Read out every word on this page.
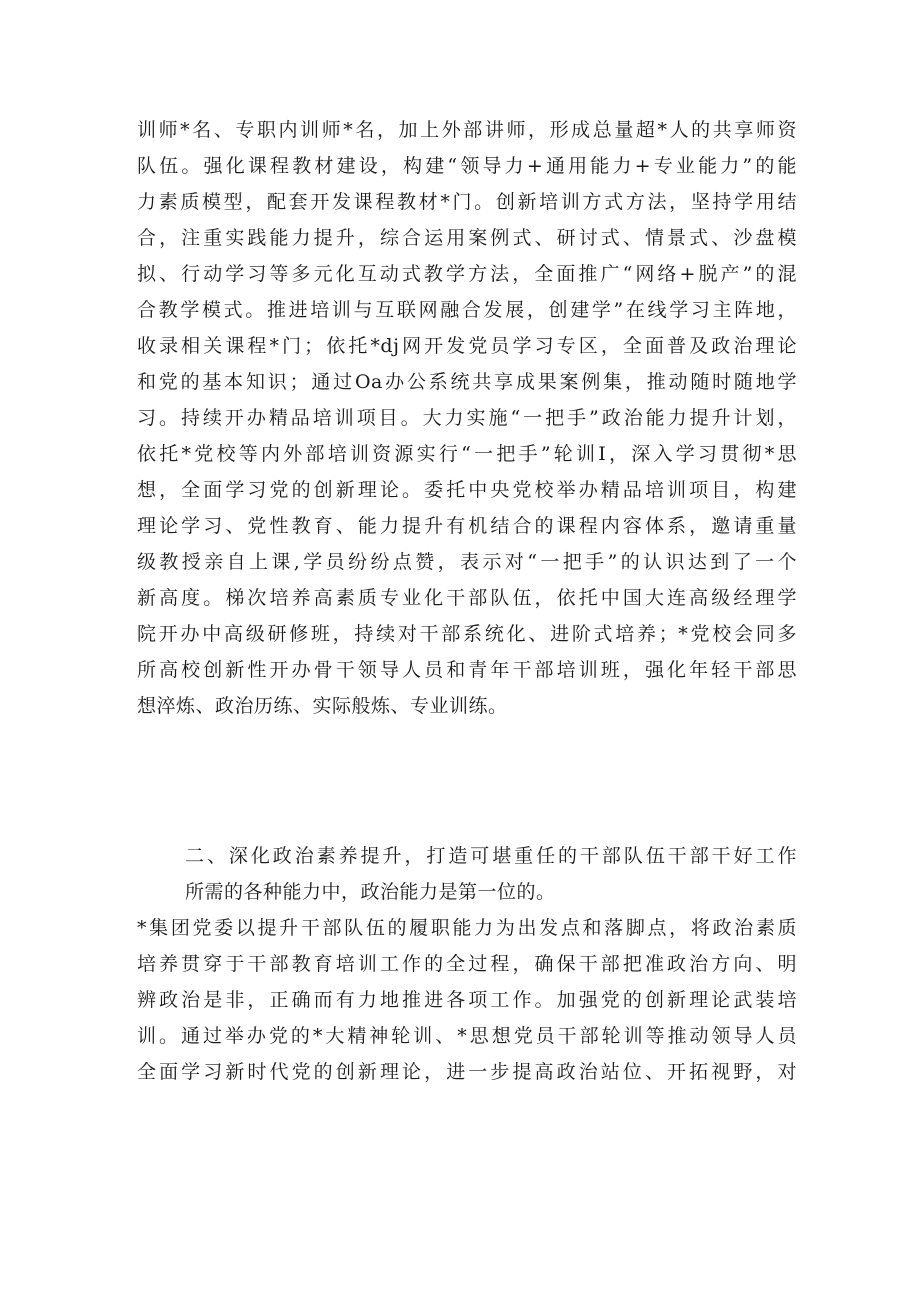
训师*名、专职内训师*名，加上外部讲师，形成总量超*人的共享师资
队伍。强化课程教材建设，构建“领导力+通用能力+专业能力”的能
力素质模型，配套开发课程教材*门。创新培训方式方法，坚持学用结
合，注重实践能力提升，综合运用案例式、研讨式、情景式、沙盘模
拟、行动学习等多元化互动式教学方法，全面推广“网络+脱产”的混
合教学模式。推进培训与互联网融合发展，创建学”在线学习主阵地，
收录相关课程*门；依托*dj网开发党员学习专区，全面普及政治理论
和党的基本知识；通过Oa办公系统共享成果案例集，推动随时随地学
习。持续开办精品培训项目。大力实施“一把手”政治能力提升计划，
依托*党校等内外部培训资源实行“一把手”轮训I，深入学习贯彻*思
想，全面学习党的创新理论。委托中央党校举办精品培训项目，构建
理论学习、党性教育、能力提升有机结合的课程内容体系，邀请重量
级教授亲自上课,学员纷纷点赞，表示对“一把手”的认识达到了一个
新高度。梯次培养高素质专业化干部队伍，依托中国大连高级经理学
院开办中高级研修班，持续对干部系统化、进阶式培养；*党校会同多
所高校创新性开办骨干领导人员和青年干部培训班，强化年轻干部思
想淬炼、政治历练、实际般炼、专业训练。
二、深化政治素养提升，打造可堪重任的干部队伍干部干好工作
所需的各种能力中，政治能力是第一位的。
*集团党委以提升干部队伍的履职能力为出发点和落脚点，将政治素质
培养贯穿于干部教育培训工作的全过程，确保干部把准政治方向、明
辨政治是非，正确而有力地推进各项工作。加强党的创新理论武装培
训。通过举办党的*大精神轮训、*思想党员干部轮训等推动领导人员
全面学习新时代党的创新理论，进一步提高政治站位、开拓视野，对
